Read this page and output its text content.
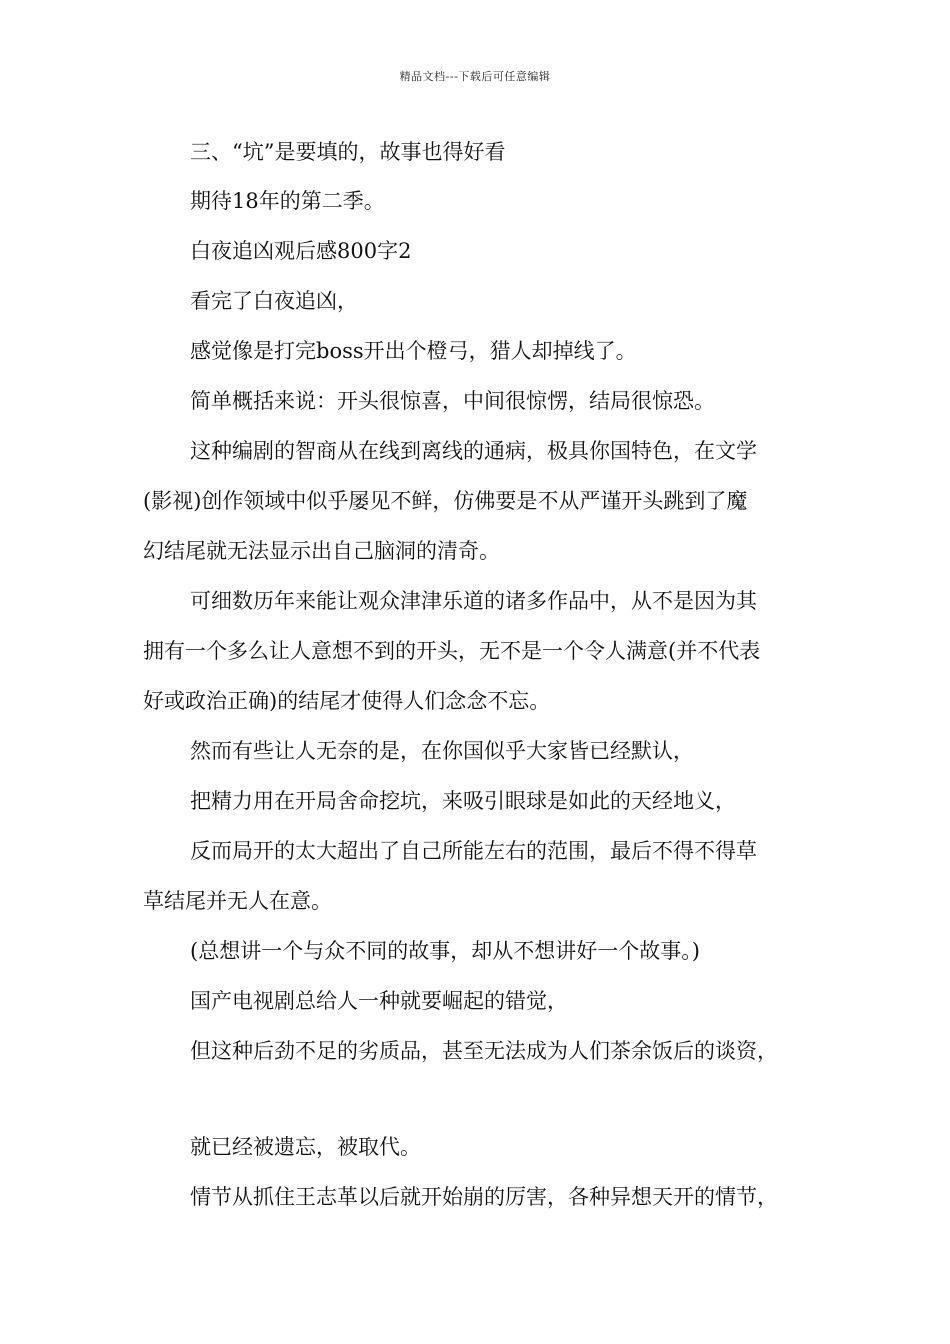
精品文档---下载后可任意编辑
三、“坑”是要填的，故事也得好看
期待18年的第二季。
白夜追凶观后感800字2
看完了白夜追凶，
感觉像是打完boss开出个橙弓，猎人却掉线了。
简单概括来说：开头很惊喜，中间很惊愣，结局很惊恐。
这种编剧的智商从在线到离线的通病，极具你国特色，在文学
(影视)创作领域中似乎屡见不鲜，仿佛要是不从严谨开头跳到了魔
幻结尾就无法显示出自己脑洞的清奇。
可细数历年来能让观众津津乐道的诸多作品中，从不是因为其
拥有一个多么让人意想不到的开头，无不是一个令人满意(并不代表
好或政治正确)的结尾才使得人们念念不忘。
然而有些让人无奈的是，在你国似乎大家皆已经默认，
把精力用在开局舍命挖坑，来吸引眼球是如此的天经地义，
反而局开的太大超出了自己所能左右的范围，最后不得不得草
草结尾并无人在意。
(总想讲一个与众不同的故事，却从不想讲好一个故事。)
国产电视剧总给人一种就要崛起的错觉，
但这种后劲不足的劣质品，甚至无法成为人们茶余饭后的谈资，
就已经被遗忘，被取代。
情节从抓住王志革以后就开始崩的厉害，各种异想天开的情节，
